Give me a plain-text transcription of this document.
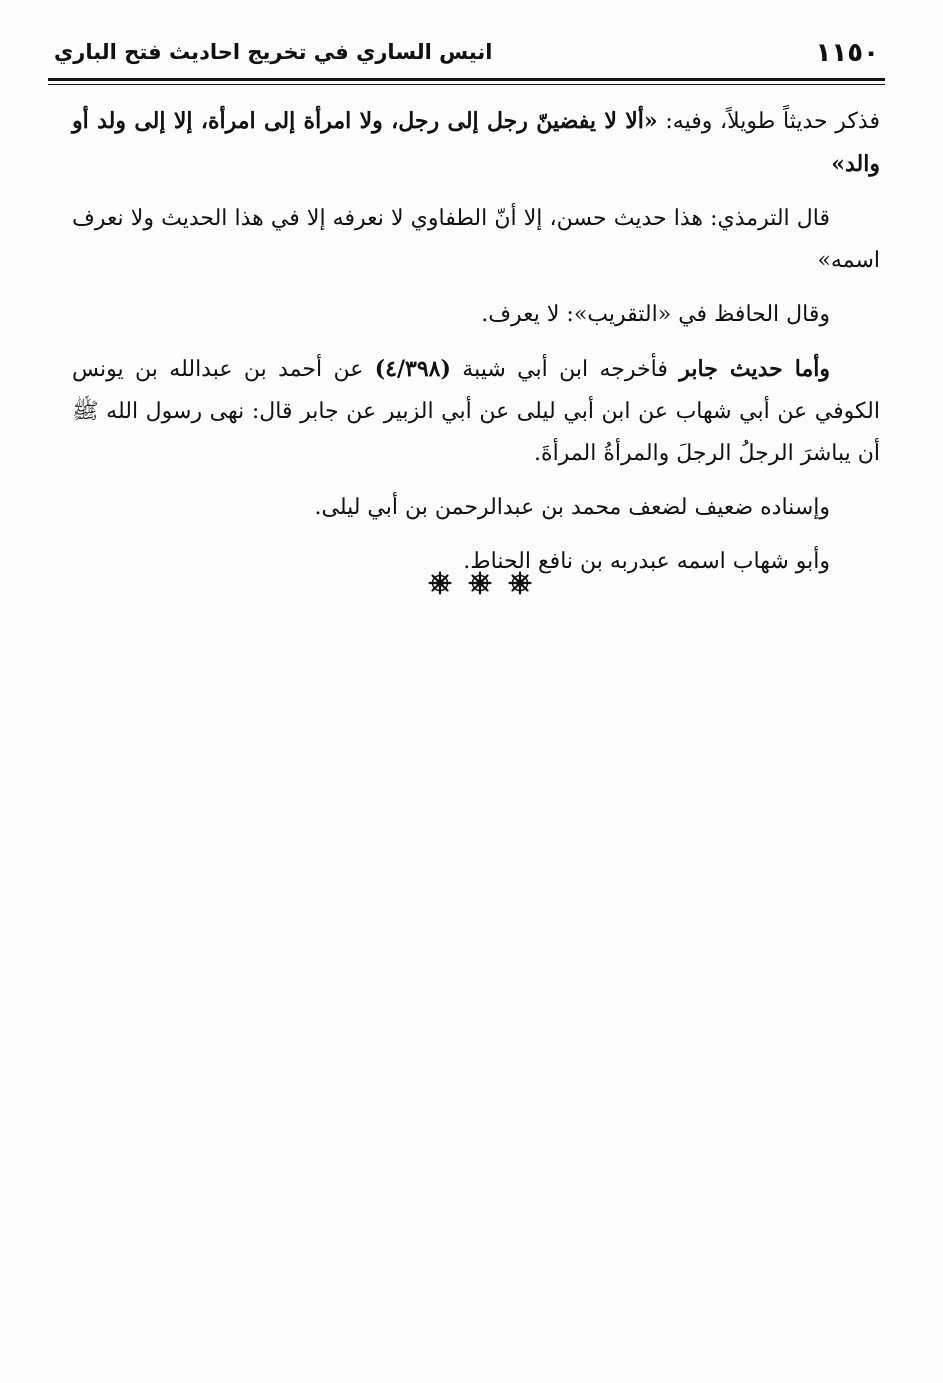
١١٥٠
انيس الساري في تخريج احاديث فتح الباري

فذكر حديثاً طويلاً، وفيه: «ألا لا يفضينّ رجل إلى رجل، ولا امرأة إلى امرأة، إلا إلى ولد أو والد»

قال الترمذي: هذا حديث حسن، إلا أنّ الطفاوي لا نعرفه إلا في هذا الحديث ولا نعرف اسمه»

وقال الحافظ في «التقريب»: لا يعرف.

وأما حديث جابر فأخرجه ابن أبي شيبة (٤/٣٩٨) عن أحمد بن عبدالله بن يونس الكوفي عن أبي شهاب عن ابن أبي ليلى عن أبي الزبير عن جابر قال: نهى رسول الله ﷺ أن يباشرَ الرجلُ الرجلَ والمرأةُ المرأةَ.

وإسناده ضعيف لضعف محمد بن عبدالرحمن بن أبي ليلى.

وأبو شهاب اسمه عبدربه بن نافع الحناط.
